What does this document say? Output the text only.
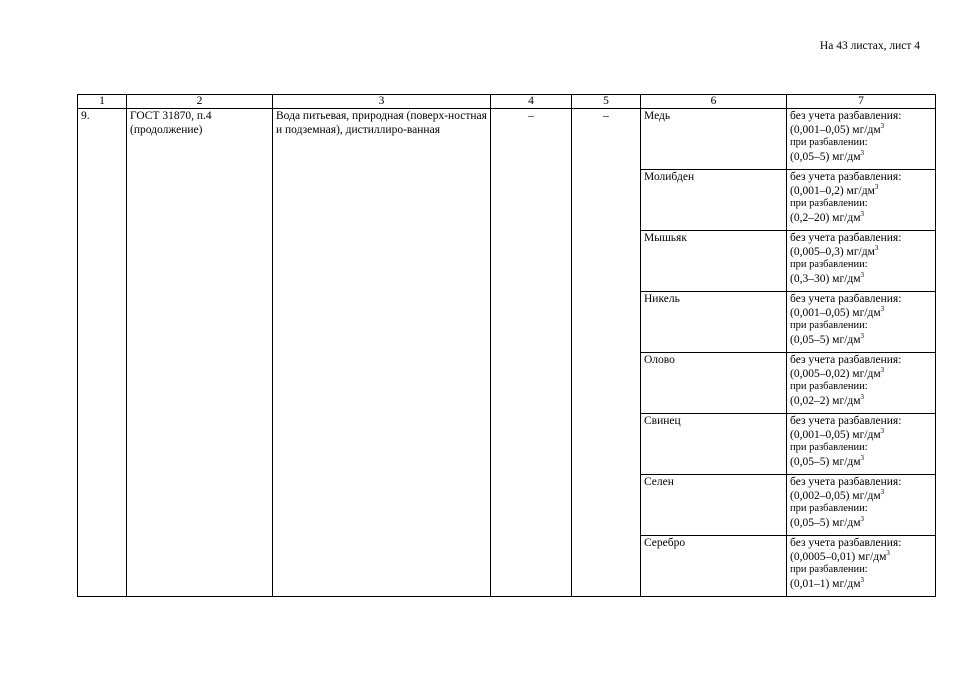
На 43 листах, лист 4
1	2	3	4	5	6	7
9.	ГОСТ 31870, п.4 (продолжение)	Вода питьевая, природная (поверх-ностная и подземная), дистиллиро-ванная	–	–	Медь	без учета разбавления:
(0,001–0,05) $мг/дм^3$
при разбавлении:
(0,05–5) $мг/дм^3$

					Молибден	без учета разбавления:
(0,001–0,2) $мг/дм^3$
при разбавлении:
(0,2–20) $мг/дм^3$

					Мышьяк	без учета разбавления:
(0,005–0,3) $мг/дм^3$
при разбавлении:
(0,3–30) $мг/дм^3$

					Никель	без учета разбавления:
(0,001–0,05) $мг/дм^3$
при разбавлении:
(0,05–5) $мг/дм^3$

					Олово	без учета разбавления:
(0,005–0,02) $мг/дм^3$
при разбавлении:
(0,02–2) $мг/дм^3$

					Свинец	без учета разбавления:
(0,001–0,05) $мг/дм^3$
при разбавлении:
(0,05–5) $мг/дм^3$

					Селен	без учета разбавления:
(0,002–0,05) $мг/дм^3$
при разбавлении:
(0,05–5) $мг/дм^3$

					Серебро	без учета разбавления:
(0,0005–0,01) $мг/дм^3$
при разбавлении:
(0,01–1) $мг/дм^3$
